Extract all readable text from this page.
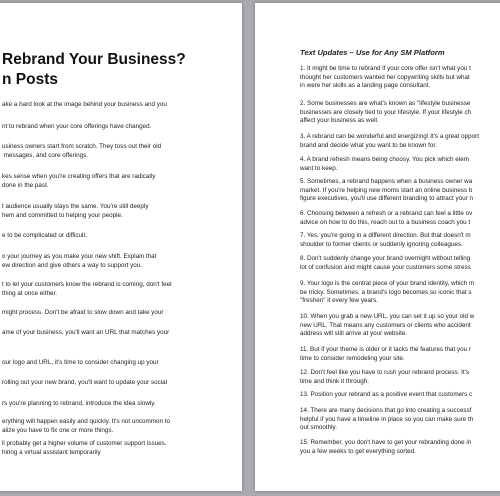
Rebrand Your Business?
n Posts
ake a hard look at the image behind your business and you
nt to rebrand when your core offerings have changed.
usiness owners start from scratch. They toss out their old
messages, and core offerings.
kes sense when you're creating offers that are radically
done in the past.
t audience usually stays the same. You're still deeply
hem and committed to helping your people.
e to be complicated or difficult.
o your journey as you make your new shift. Explain that
ew direction and give others a way to support you.
t to let your customers know the rebrand is coming, don't feel
thing at once either.
might process. Don't be afraid to slow down and take your
ame of your business, you'll want an URL that matches your
our logo and URL, it's time to consider changing up your
rolling out your new brand, you'll want to update your social
rs you're planning to rebrand, introduce the idea slowly.
erything will happen easily and quickly. It's not uncommon to
alize you have to fix one or more things.
ll probably get a higher volume of customer support issues.
hiring a virtual assistant temporarily
Text Updates – Use for Any SM Platform
1. It might be time to rebrand if your core offer isn't what you t
thought her customers wanted her copywriting skills but what
in were her skills as a landing page consultant.
2. Some businesses are what's known as "lifestyle businesse
businesses are closely tied to your lifestyle. If your lifestyle ch
affect your business as well.
3. A rebrand can be wonderful and energizing! It's a great opport
brand and decide what you want to be known for.
4. A brand refresh means being choosy. You pick which elem
want to keep.
5. Sometimes, a rebrand happens when a business owner wa
market. If you're helping new moms start an online business b
figure executives, you'll use different branding to attract your n
6. Choosing between a refresh or a rebrand can feel a little ov
advice on how to do this, reach out to a business coach you t
7. Yes, you're going in a different direction. But that doesn't m
shoulder to former clients or suddenly ignoring colleagues.
8. Don't suddenly change your brand overnight without telling
lot of confusion and might cause your customers some stress
9. Your logo is the central piece of your brand identity, which m
be tricky. Sometimes, a brand's logo becomes so iconic that s
"freshen" it every few years.
10. When you grab a new URL, you can set it up so your old w
new URL. That means any customers or clients who accident
address will still arrive at your website.
11. But if your theme is older or it lacks the features that you r
time to consider remodeling your site.
12. Don't feel like you have to rush your rebrand process. It's
time and think it through.
13. Position your rebrand as a positive event that customers c
14. There are many decisions that go into creating a successf
helpful if you have a timeline in place so you can make sure th
out smoothly.
15. Remember, you don't have to get your rebranding done in
you a few weeks to get everything sorted.
